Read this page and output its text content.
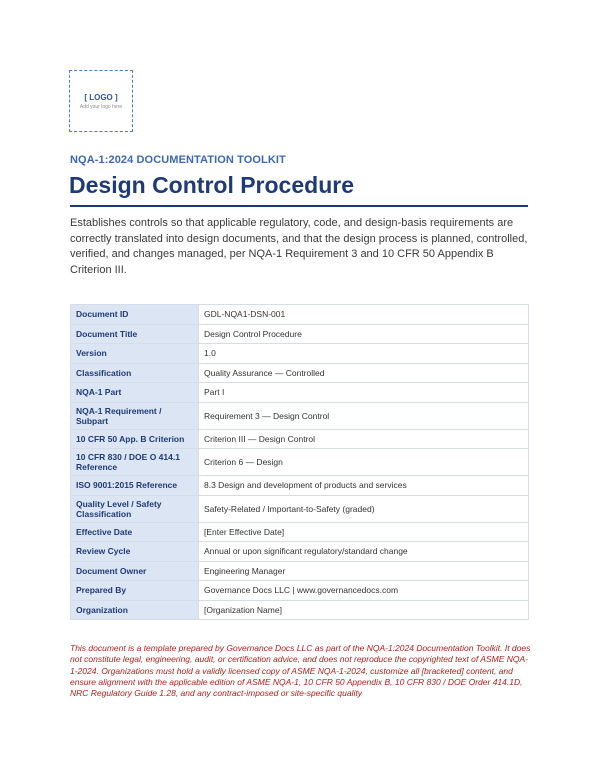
[ LOGO ]
Add your logo here
NQA-1:2024 DOCUMENTATION TOOLKIT
Design Control Procedure
Establishes controls so that applicable regulatory, code, and design-basis requirements are correctly translated into design documents, and that the design process is planned, controlled, verified, and changes managed, per NQA-1 Requirement 3 and 10 CFR 50 Appendix B Criterion III.
Document ID	GDL-NQA1-DSN-001
Document Title	Design Control Procedure
Version	1.0
Classification	Quality Assurance — Controlled
NQA-1 Part	Part I
NQA-1 Requirement / Subpart	Requirement 3 — Design Control
10 CFR 50 App. B Criterion	Criterion III — Design Control
10 CFR 830 / DOE O 414.1 Reference	Criterion 6 — Design
ISO 9001:2015 Reference	8.3 Design and development of products and services
Quality Level / Safety Classification	Safety-Related / Important-to-Safety (graded)
Effective Date	[Enter Effective Date]
Review Cycle	Annual or upon significant regulatory/standard change
Document Owner	Engineering Manager
Prepared By	Governance Docs LLC | www.governancedocs.com
Organization	[Organization Name]
This document is a template prepared by Governance Docs LLC as part of the NQA-1:2024 Documentation Toolkit. It does not constitute legal, engineering, audit, or certification advice, and does not reproduce the copyrighted text of ASME NQA-1-2024. Organizations must hold a validly licensed copy of ASME NQA-1-2024, customize all [bracketed] content, and ensure alignment with the applicable edition of ASME NQA-1, 10 CFR 50 Appendix B, 10 CFR 830 / DOE Order 414.1D, NRC Regulatory Guide 1.28, and any contract-imposed or site-specific quality
